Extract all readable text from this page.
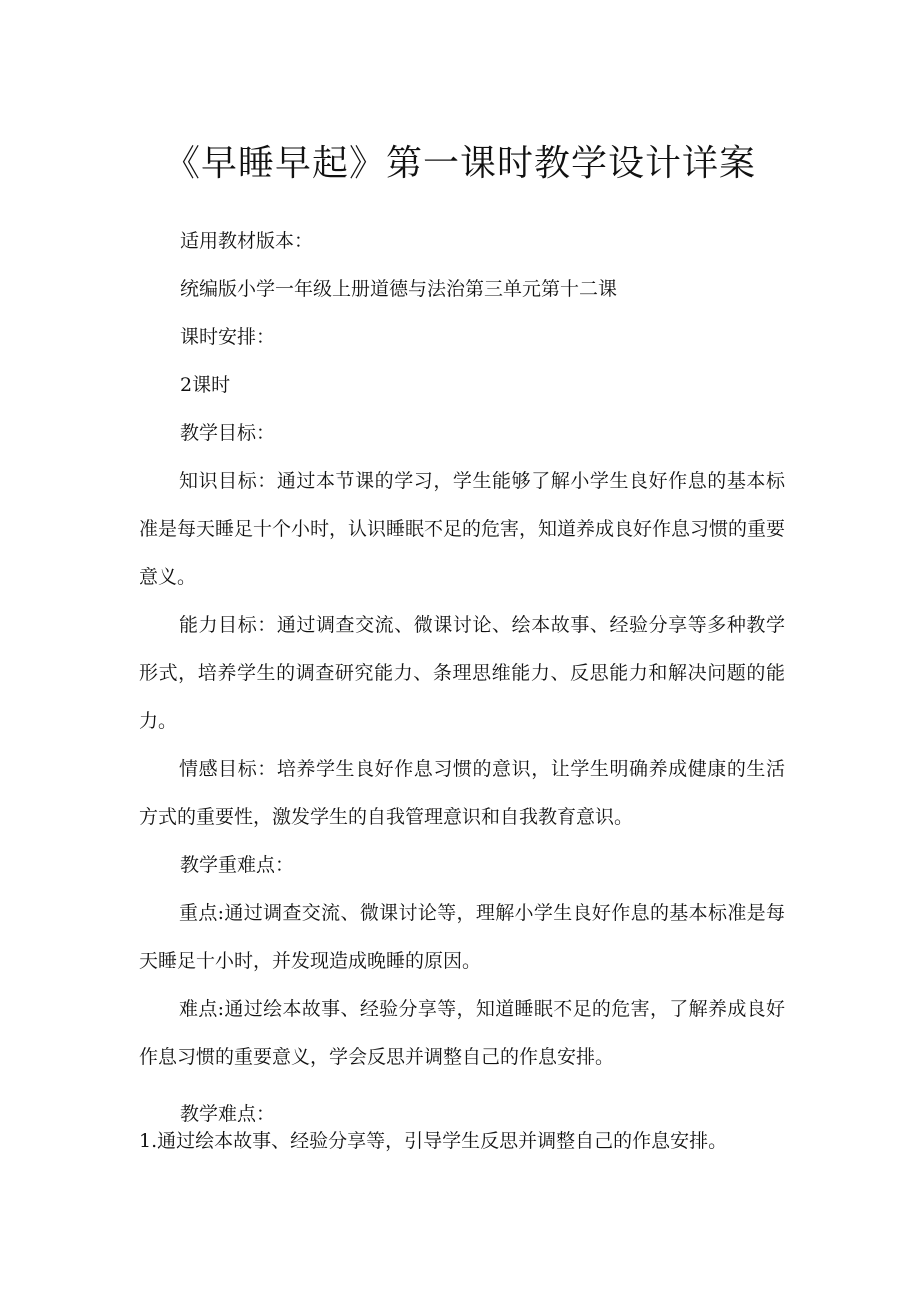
《早睡早起》第一课时教学设计详案

适用教材版本：

统编版小学一年级上册道德与法治第三单元第十二课

课时安排：

2课时

教学目标：

知识目标：通过本节课的学习，学生能够了解小学生良好作息的基本标准是每天睡足十个小时，认识睡眠不足的危害，知道养成良好作息习惯的重要意义。

能力目标：通过调查交流、微课讨论、绘本故事、经验分享等多种教学形式，培养学生的调查研究能力、条理思维能力、反思能力和解决问题的能力。

情感目标：培养学生良好作息习惯的意识，让学生明确养成健康的生活方式的重要性，激发学生的自我管理意识和自我教育意识。

教学重难点：

重点:通过调查交流、微课讨论等，理解小学生良好作息的基本标准是每天睡足十小时，并发现造成晚睡的原因。

难点:通过绘本故事、经验分享等，知道睡眠不足的危害，了解养成良好作息习惯的重要意义，学会反思并调整自己的作息安排。

教学难点：

1.通过绘本故事、经验分享等，引导学生反思并调整自己的作息安排。
